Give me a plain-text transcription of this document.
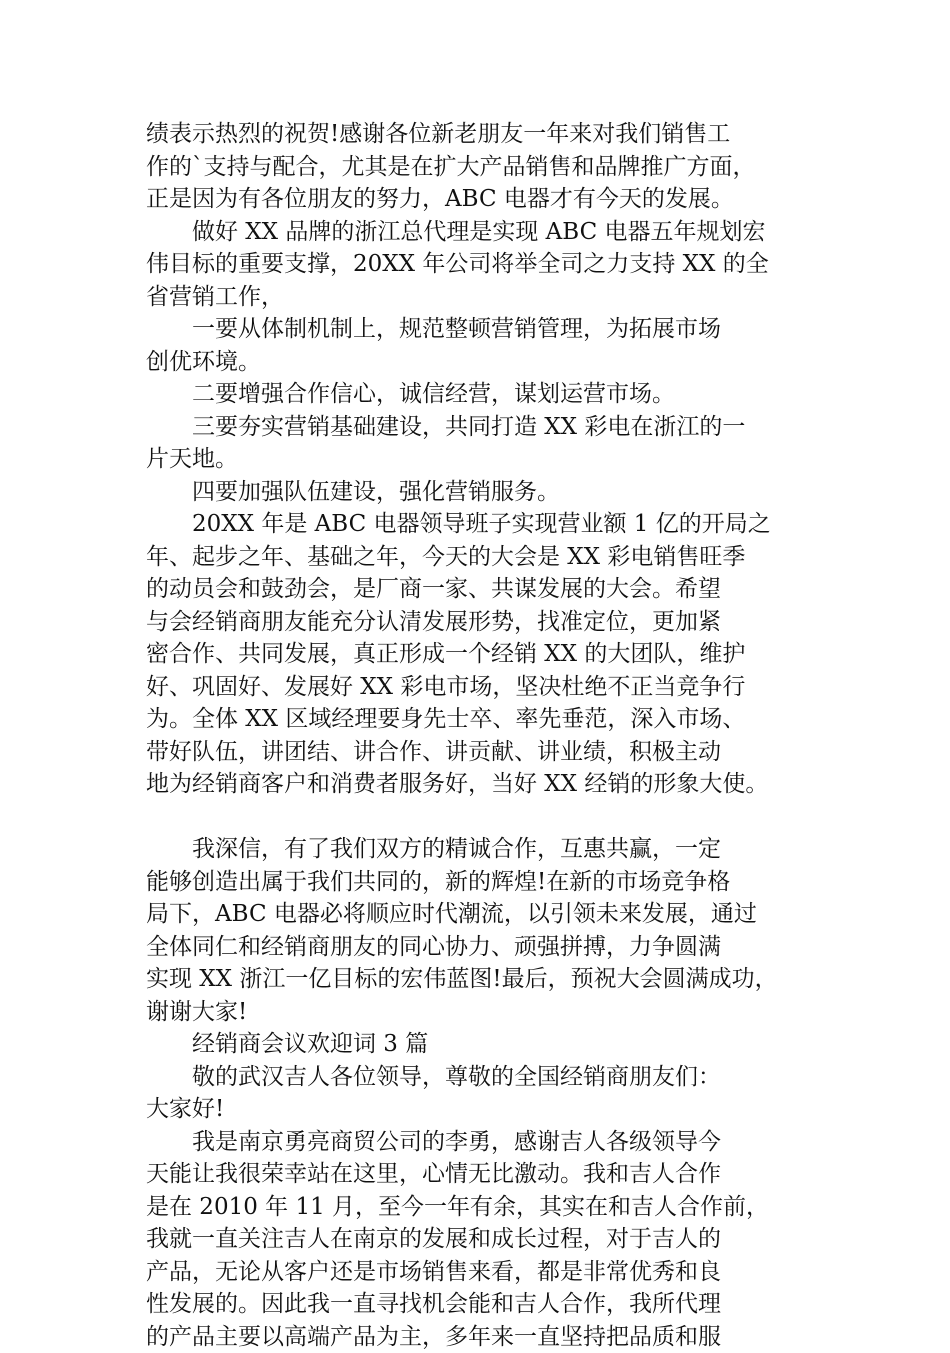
绩表示热烈的祝贺!感谢各位新老朋友一年来对我们销售工
作的`支持与配合，尤其是在扩大产品销售和品牌推广方面，
正是因为有各位朋友的努力，ABC 电器才有今天的发展。
做好 XX 品牌的浙江总代理是实现 ABC 电器五年规划宏
伟目标的重要支撑，20XX 年公司将举全司之力支持 XX 的全
省营销工作，
一要从体制机制上，规范整顿营销管理，为拓展市场
创优环境。
二要增强合作信心，诚信经营，谋划运营市场。
三要夯实营销基础建设，共同打造 XX 彩电在浙江的一
片天地。
四要加强队伍建设，强化营销服务。
20XX 年是 ABC 电器领导班子实现营业额 1 亿的开局之
年、起步之年、基础之年，今天的大会是 XX 彩电销售旺季
的动员会和鼓劲会，是厂商一家、共谋发展的大会。希望
与会经销商朋友能充分认清发展形势，找准定位，更加紧
密合作、共同发展，真正形成一个经销 XX 的大团队，维护
好、巩固好、发展好 XX 彩电市场，坚决杜绝不正当竞争行
为。全体 XX 区域经理要身先士卒、率先垂范，深入市场、
带好队伍，讲团结、讲合作、讲贡献、讲业绩，积极主动
地为经销商客户和消费者服务好，当好 XX 经销的形象大使。
我深信，有了我们双方的精诚合作，互惠共赢，一定
能够创造出属于我们共同的，新的辉煌!在新的市场竞争格
局下，ABC 电器必将顺应时代潮流，以引领未来发展，通过
全体同仁和经销商朋友的同心协力、顽强拼搏，力争圆满
实现 XX 浙江一亿目标的宏伟蓝图!最后，预祝大会圆满成功，
谢谢大家!
经销商会议欢迎词 3 篇
敬的武汉吉人各位领导，尊敬的全国经销商朋友们：
大家好!
我是南京勇亮商贸公司的李勇，感谢吉人各级领导今
天能让我很荣幸站在这里，心情无比激动。我和吉人合作
是在 2010 年 11 月，至今一年有余，其实在和吉人合作前，
我就一直关注吉人在南京的发展和成长过程，对于吉人的
产品，无论从客户还是市场销售来看，都是非常优秀和良
性发展的。因此我一直寻找机会能和吉人合作，我所代理
的产品主要以高端产品为主，多年来一直坚持把品质和服
